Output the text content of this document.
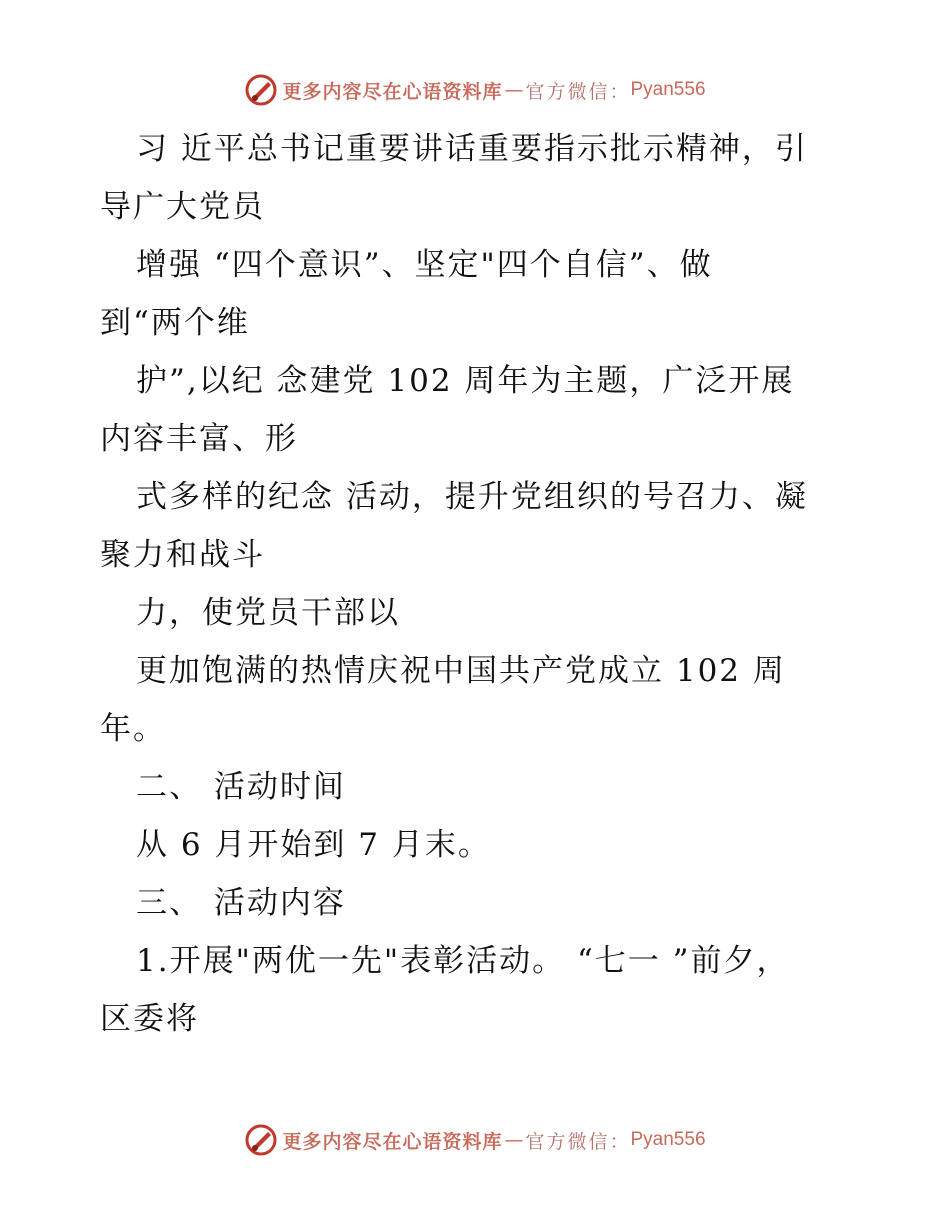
更多内容尽在心语资料库 — 官方微信： Pyan556
习 近平总书记重要讲话重要指示批示精神，引
导广大党员
增强 “四个意识”、坚定"四个自信”、做
到“两个维
护”,以纪 念建党 102 周年为主题，广泛开展
内容丰富、形
式多样的纪念 活动，提升党组织的号召力、凝
聚力和战斗
力，使党员干部以
更加饱满的热情庆祝中国共产党成立 102 周
年。
二、 活动时间
从 6 月开始到 7 月末。
三、 活动内容
1.开展"两优一先"表彰活动。 “七一 ”前夕，
区委将
更多内容尽在心语资料库 — 官方微信： Pyan556
